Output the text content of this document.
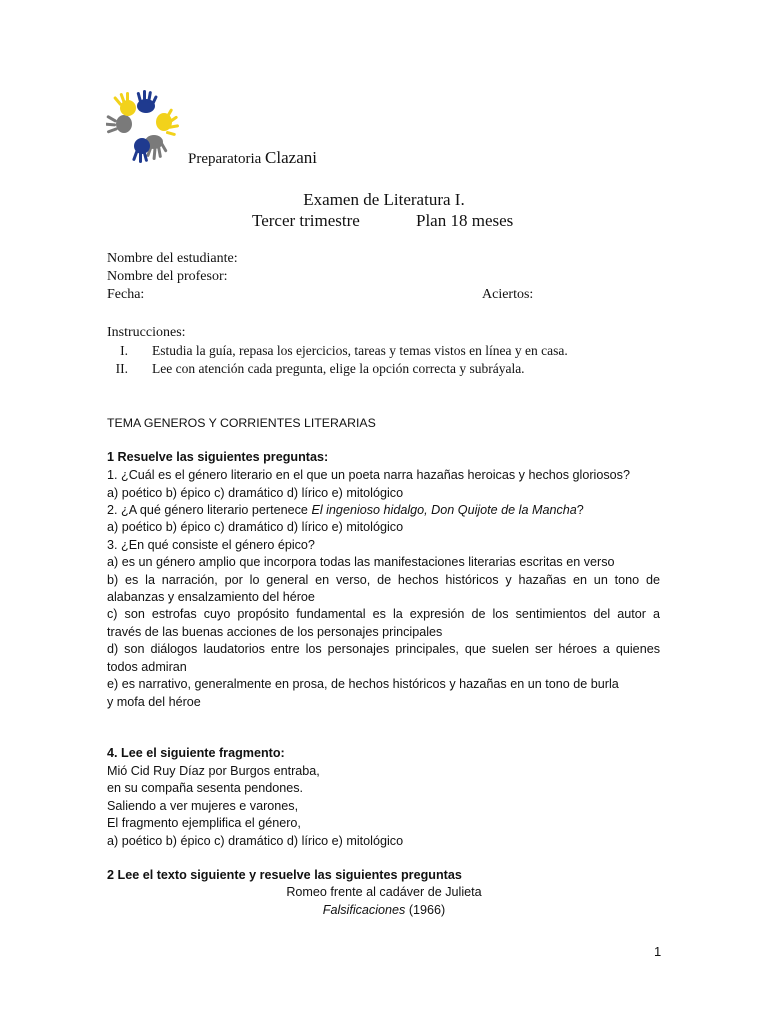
Preparatoria Clazani
Examen de Literatura I.
Tercer trimestre	Plan 18 meses
Nombre del estudiante:
Nombre del profesor:
Fecha:	Aciertos:
Instrucciones:
I. Estudia la guía, repasa los ejercicios, tareas y temas vistos en línea y en casa.
II. Lee con atención cada pregunta, elige la opción correcta y subráyala.
TEMA GENEROS Y CORRIENTES LITERARIAS
1 Resuelve las siguientes preguntas:
1. ¿Cuál es el género literario en el que un poeta narra hazañas heroicas y hechos gloriosos?
a) poético b) épico c) dramático d) lírico e) mitológico
2. ¿A qué género literario pertenece El ingenioso hidalgo, Don Quijote de la Mancha?
a) poético b) épico c) dramático d) lírico e) mitológico
3. ¿En qué consiste el género épico?
a) es un género amplio que incorpora todas las manifestaciones literarias escritas en verso
b) es la narración, por lo general en verso, de hechos históricos y hazañas en un tono de
alabanzas y ensalzamiento del héroe
c) son estrofas cuyo propósito fundamental es la expresión de los sentimientos del autor a
través de las buenas acciones de los personajes principales
d) son diálogos laudatorios entre los personajes principales, que suelen ser héroes a quienes
todos admiran
e) es narrativo, generalmente en prosa, de hechos históricos y hazañas en un tono de burla
y mofa del héroe
4. Lee el siguiente fragmento:
Mió Cid Ruy Díaz por Burgos entraba,
en su compaña sesenta pendones.
Saliendo a ver mujeres e varones,
El fragmento ejemplifica el género,
a) poético b) épico c) dramático d) lírico e) mitológico
2 Lee el texto siguiente y resuelve las siguientes preguntas
Romeo frente al cadáver de Julieta
Falsificaciones (1966)
1
